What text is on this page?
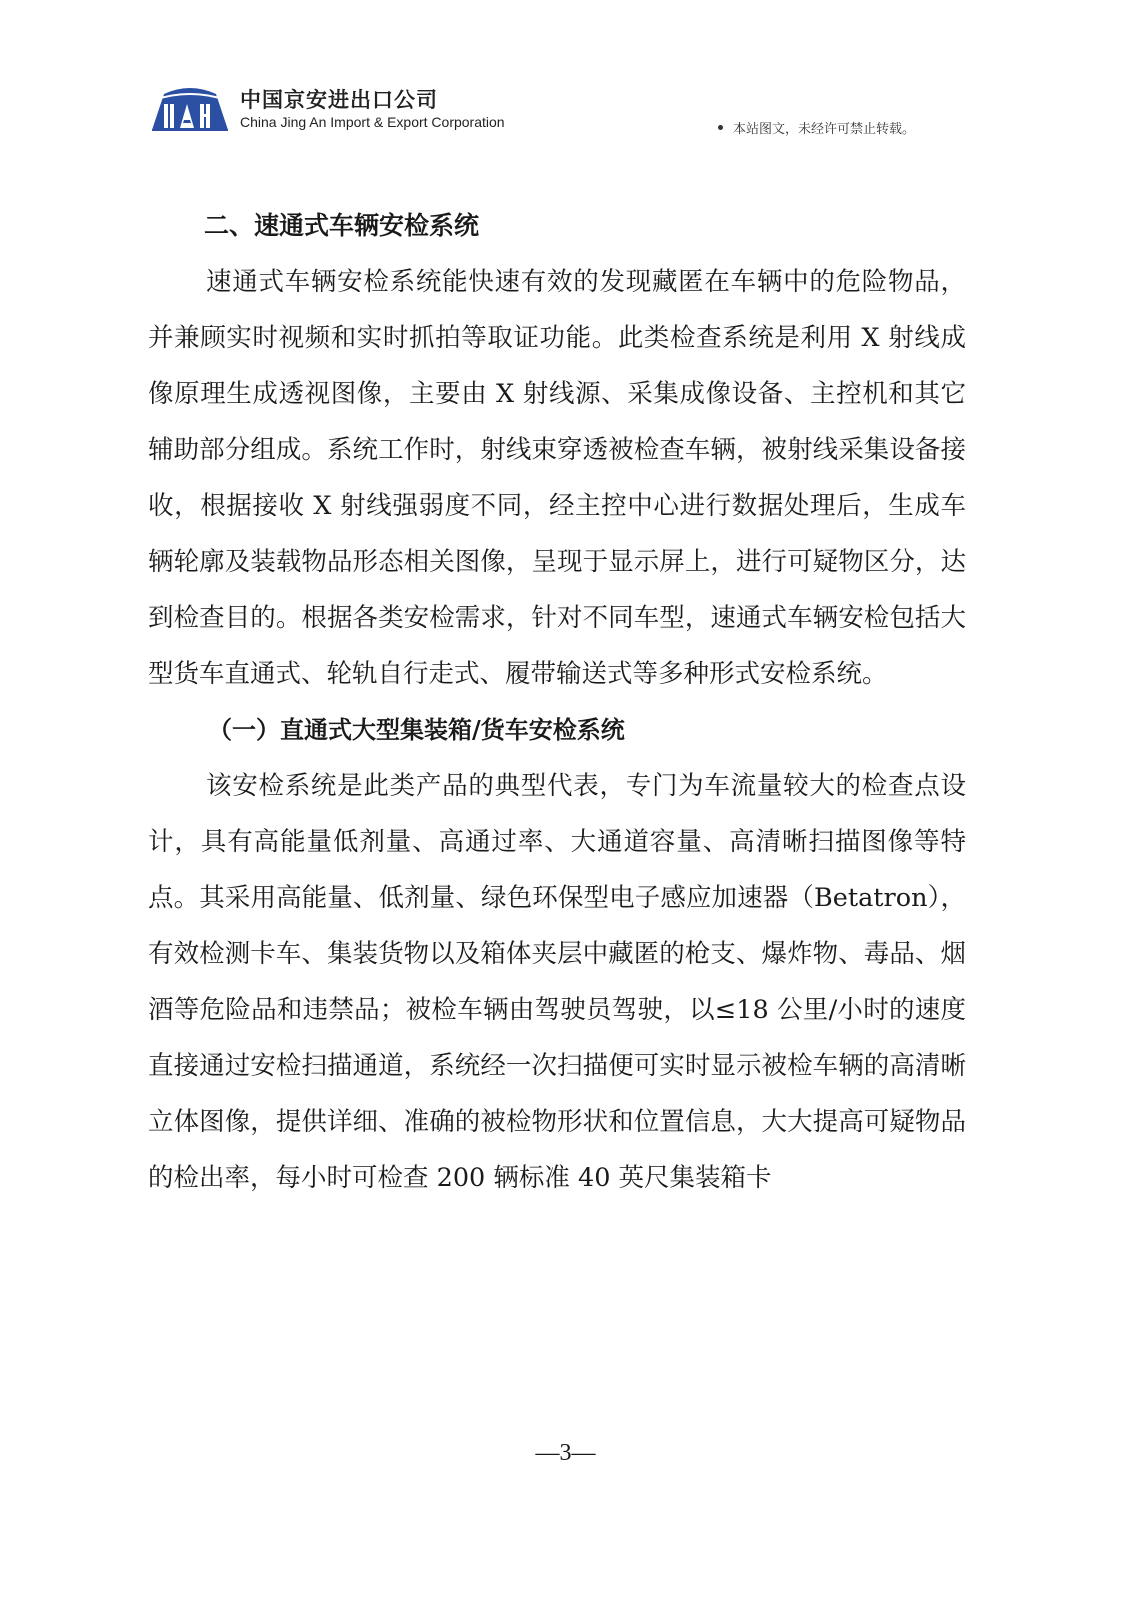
中国京安进出口公司
China Jing An Import & Export Corporation	本站图文，未经许可禁止转载。
二、速通式车辆安检系统

速通式车辆安检系统能快速有效的发现藏匿在车辆中的危险物品，并兼顾实时视频和实时抓拍等取证功能。此类检查系统是利用 X 射线成像原理生成透视图像，主要由 X 射线源、采集成像设备、主控机和其它辅助部分组成。系统工作时，射线束穿透被检查车辆，被射线采集设备接收，根据接收 X 射线强弱度不同，经主控中心进行数据处理后，生成车辆轮廓及装载物品形态相关图像，呈现于显示屏上，进行可疑物区分，达到检查目的。根据各类安检需求，针对不同车型，速通式车辆安检包括大型货车直通式、轮轨自行走式、履带输送式等多种形式安检系统。

（一）直通式大型集装箱/货车安检系统

该安检系统是此类产品的典型代表，专门为车流量较大的检查点设计，具有高能量低剂量、高通过率、大通道容量、高清晰扫描图像等特点。其采用高能量、低剂量、绿色环保型电子感应加速器（Betatron），有效检测卡车、集装货物以及箱体夹层中藏匿的枪支、爆炸物、毒品、烟酒等危险品和违禁品；被检车辆由驾驶员驾驶，以≤18 公里/小时的速度直接通过安检扫描通道，系统经一次扫描便可实时显示被检车辆的高清晰立体图像，提供详细、准确的被检物形状和位置信息，大大提高可疑物品的检出率，每小时可检查 200 辆标准 40 英尺集装箱卡

—3—
